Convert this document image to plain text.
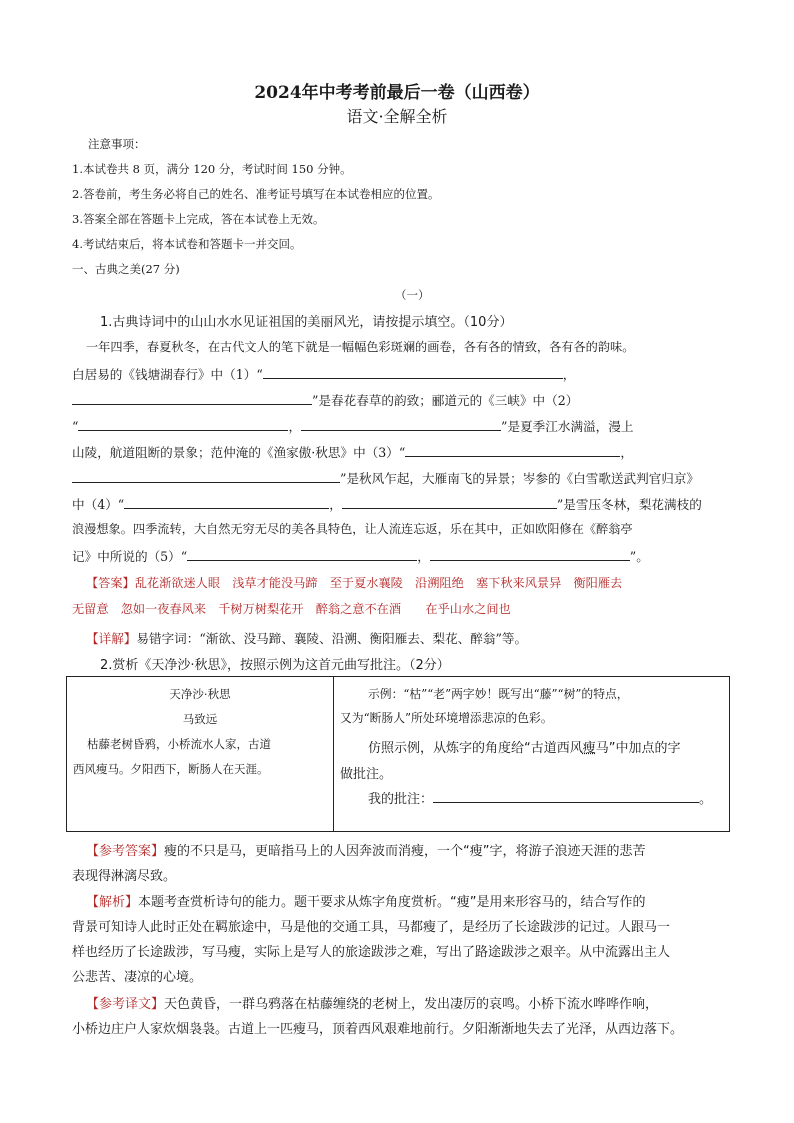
2024年中考考前最后一卷（山西卷）
语文·全解全析
注意事项：
1.本试卷共 8 页，满分 120 分，考试时间 150 分钟。
2.答卷前，考生务必将自己的姓名、准考证号填写在本试卷相应的位置。
3.答案全部在答题卡上完成，答在本试卷上无效。
4.考试结束后，将本试卷和答题卡一并交回。
一、古典之美(27 分)
（一）
1.古典诗词中的山山水水见证祖国的美丽风光，请按提示填空。（10分）
一年四季，春夏秋冬，在古代文人的笔下就是一幅幅色彩斑斓的画卷，各有各的情致，各有各的韵味。
白居易的《钱塘湖春行》中（1）“	，
”是春花春草的韵致；郦道元的《三峡》中（2）
“	，	”是夏季江水满溢，漫上
山陵，航道阻断的景象；范仲淹的《渔家傲·秋思》中（3）“	，
”是秋风乍起，大雁南飞的异景；岑参的《白雪歌送武判官归京》
中（4）“	，	”是雪压冬林，梨花满枝的
浪漫想象。四季流转，大自然无穷无尽的美各具特色，让人流连忘返，乐在其中，正如欧阳修在《醉翁亭
记》中所说的（5）“	，	”。
【答案】乱花渐欲迷人眼　浅草才能没马蹄　至于夏水襄陵　沿溯阻绝　塞下秋来风景异　衡阳雁去
无留意　忽如一夜春风来　千树万树梨花开　醉翁之意不在酒　　在乎山水之间也
【详解】易错字词：“渐欲、没马蹄、襄陵、沿溯、衡阳雁去、梨花、醉翁”等。
2.赏析《天净沙·秋思》，按照示例为这首元曲写批注。（2分）
天净沙·秋思
马致远
枯藤老树昏鸦，小桥流水人家，古道
西风瘦马。夕阳西下，断肠人在天涯。

示例：“枯”“老”两字妙！既写出“藤”“树”的特点，
又为“断肠人”所处环境增添悲凉的色彩。
仿照示例，从炼字的角度给“古道西风瘦马”中加点的字
做批注。
我的批注：	。
【参考答案】瘦的不只是马，更暗指马上的人因奔波而消瘦，一个“瘦”字，将游子浪迹天涯的悲苦
表现得淋漓尽致。
【解析】本题考查赏析诗句的能力。题干要求从炼字角度赏析。“瘦”是用来形容马的，结合写作的
背景可知诗人此时正处在羁旅途中，马是他的交通工具，马都瘦了，是经历了长途跋涉的记过。人跟马一
样也经历了长途跋涉，写马瘦，实际上是写人的旅途跋涉之难，写出了路途跋涉之艰辛。从中流露出主人
公悲苦、凄凉的心境。
【参考译文】天色黄昏，一群乌鸦落在枯藤缠绕的老树上，发出凄厉的哀鸣。小桥下流水哗哗作响，
小桥边庄户人家炊烟袅袅。古道上一匹瘦马，顶着西风艰难地前行。夕阳渐渐地失去了光泽，从西边落下。
